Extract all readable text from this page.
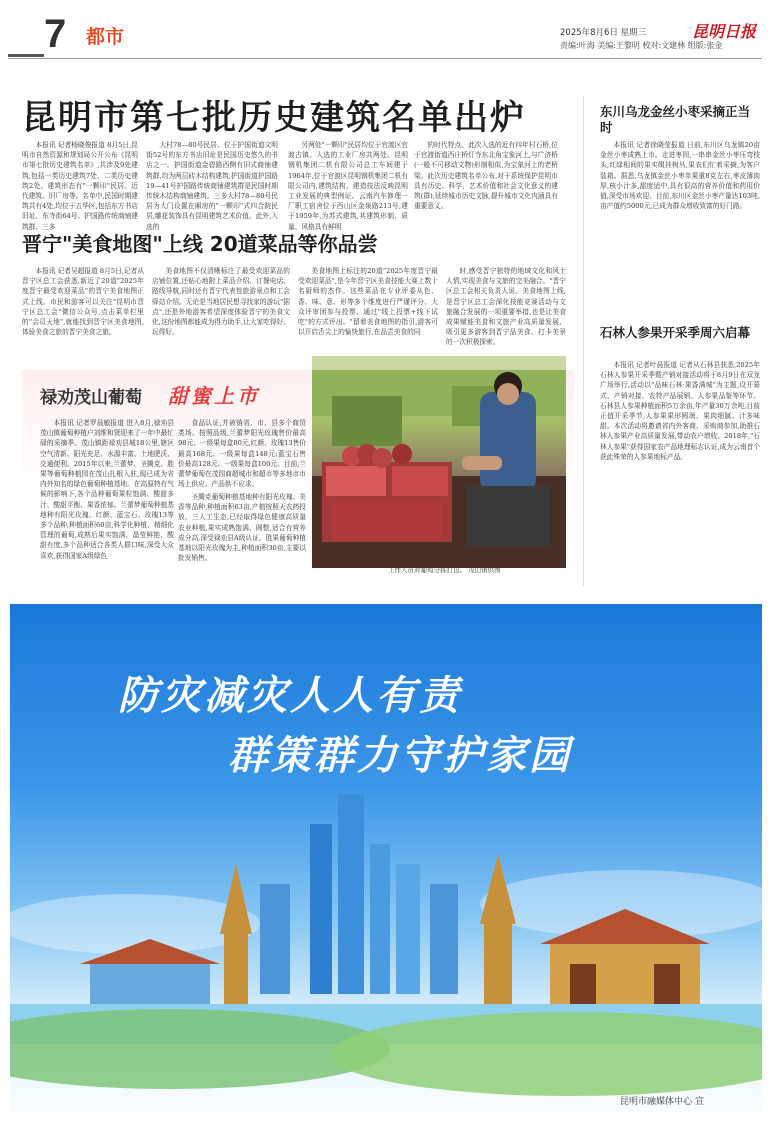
7 都市	2025年8月6日 星期三	昆明日报
责编:叶海 美编:王黎明 校对:文建林 组版:张金
昆明市第七批历史建筑名单出炉

本报讯 记者杨晓俊报道 8月5日,昆明市自然资源和规划局公开公布《昆明市第七批历史建筑名单》,共涉及9处建筑,包括一类历史建筑7处、二类历史建筑2处。建筑形态有"一颗印"民居、近代建筑、旧厂房等。名单中,民国时期建筑共有4处,均位于五华区,包括东方书店旧址、东寺街64号、护国路传统商铺建筑群、三多

大村78—80号民居。位于护国街道文明街52号的东方书店旧址是民国历史悠久的书店之一。护国街道金碧路西侧有旧式商铺建筑群,均为两层砖木结构建筑,护国街道护国路19—41号护国路传统商铺建筑群是民国时期传统木结构商铺建筑。三多大村78—80号民居为大门设置在厢房的"一颗印"式四合院民居,雕花装饰具有昆明建筑艺术价值。此外,入选的

另两处"一颗印"民居均位于官渡区官渡古镇。入选的工业厂房共两处。昆明钢机集团二机有限公司总工车间建于1964年,位于官渡区昆明钢机集团二机有限公司内,建筑结构、建造技法反映昆明工业发展的典型例证。云南汽车修理一厂职工宿舍位于西山区金泉路213号,建于1959年,为苏式建筑,其建筑形制、质量、风格具有鲜明

的时代特点。此次入选的近有四年村石桥,位于官渡街道西庄桥灯寺东北角宝象河上,与广济桥(一般不可移动文物)形制相似,为宝象河上的老桥梁。此次历史建筑名单公布,对于系统保护昆明市具有历史、科学、艺术价值和社会文化意义的建筑(群),延续城市历史文脉,提升城市文化内涵具有重要意义。

晋宁"美食地图"上线 20道菜品等你品尝

本报讯 记者吴超报道 8月5日,记者从晋宁区总工会获悉,新近了20道"2025年度晋宁最受欢迎菜品"的晋宁美食地图正式上线。市民和游客可以关注"昆明市晋宁区总工会"微信公众号,点击菜单栏里的"会员天地",就能找到晋宁区美食地图,体验美食之旅的晋宁美食之旅。

美食地图不仅清晰标注了最受欢迎菜品的店铺位置,还贴心地附上菜品介绍、订餐电话、路线导航,同时还有晋宁代表性旅游景点和工会驿站介绍。无论是当地居民想寻找家的游玩"据点",还是外地游客希望深度体验晋宁的美食文化,这份地图都能成为得力助手,让大家吃得好、玩得好。

美食地图上标注的20道"2025年度晋宁最受欢迎菜品",是今年晋宁区美食技能大赛上数十名厨师的杰作。这些菜品在专业评委从色、香、味、意、形等多个维度进行严谨评分、大众评审团参与投票、通过"线上投票+线下试吃"的方式评出。"留着美食地图的指引,游客可以开启舌尖上的愉快旅行,在品尝美食的同

时,感受晋宁独特的地域文化和风土人情,实现美食与文旅的完美融合。"晋宁区总工会相关负责人说。美食地图上线,是晋宁区总工会深化技能竞赛活动与文旅融合发展的一项重要举措,也是让美食成果赋能美食和文旅产业高质量发展、吸引更多游客到晋宁品美食、打卡美景的一次积极探索。

禄劝茂山葡萄 甜蜜上市

本报讯 记者罗晨敏报道 进入8月,禄劝县茂山镇葡萄种植户刘维和贤迎来了一年中最忙碌的采摘季。茂山镇距禄劝县城18公里,辖区空气清新、阳光充足、水源丰富、土地肥沃、交通便利。2015年以来,兰蕾梦、圣腾克、胜果等葡萄种植园在茂山扎根入驻,现已成为省内外知名的绿色葡萄种植基地。在高原特有气候的影响下,各个品种葡萄果粒饱满、酸甜多汁、酸甜平衡、果香浓郁。兰蕾梦葡萄种植基地种有阳光玫瑰、红颜、蓝宝石、玫瑰13等多个品种,种植面积60亩,科学化种植、精细化管理的葡萄,成熟后果实饱满、晶莹鲜艳、酸甜有度,多个品种适合各类人群口味,深受大众喜欢,获得国家A级绿色

食品认证,并被销省、市、县多个商贸类场。按照品级,兰蕾梦阳光玫瑰售价最高98元、一级果每盒80元,红颜、玫瑰13售价最高168元、一级果每盒148元;蓝宝石售价最高128元、一级果每盒100元。目前,兰蕾梦葡萄在茂园商超城市和超市等多地市市场上供应。产品供不应求。

圣腾克葡萄种植基地种有阳光玫瑰、美香等品种,种植面积63亩,产植按照天农药投放、三人工生态,已经取得绿色健康高质量农业种植,果实成熟饱满、圆整,适合有营养成分高,深受禄劝县A级认证。胜果葡萄种植基地以阳光玫瑰为主,种植面积30亩,主要以批发销售。

工作人员对葡萄分拣打包。 茂山镇供图
东川乌龙金丝小枣采摘正当时

本报讯 记者徐晓莹报道 日前,东川区乌龙镇20亩金丝小枣成熟上市。走进枣园,一串串金丝小枣压弯枝头,红绿相间的果实缀挂树丛,果农们忙着采摘,为客户装箱。据悉,乌龙镇金丝小枣单果重8克左右,枣皮薄肉厚,核小汁多,甜度适中,具有很高的营养价值和药用价值,深受市场欢迎。目前,东川区金丝小枣产量达103吨,亩产值约5000元,已成为群众增收致富的好门路。

石林人参果开采季周六启幕

本报讯 记者叶晨报道 记者从石林县获悉,2025年石林人参果开采季暨产销对接活动将于8月9日在双龙广场举行,活动以"品味石林·果香满城"为主题,设开幕式、产销对接、农特产品展销、人参果品鉴等环节。石林县人参果种植面积5万余亩,年产量30万余吨,目前正值开采季节,人参果果形圆润、果肉细腻、汁多味甜。本次活动将邀请省内外客商、采购商参加,助推石林人参果产业高质量发展,带动农户增收。2018年,"石林人参果"获得国家农产品地理标志认证,成为云南首个获此殊荣的人参果地标产品。

防灾减灾人人有责
群策群力守护家园
昆明市融媒体中心 宣
